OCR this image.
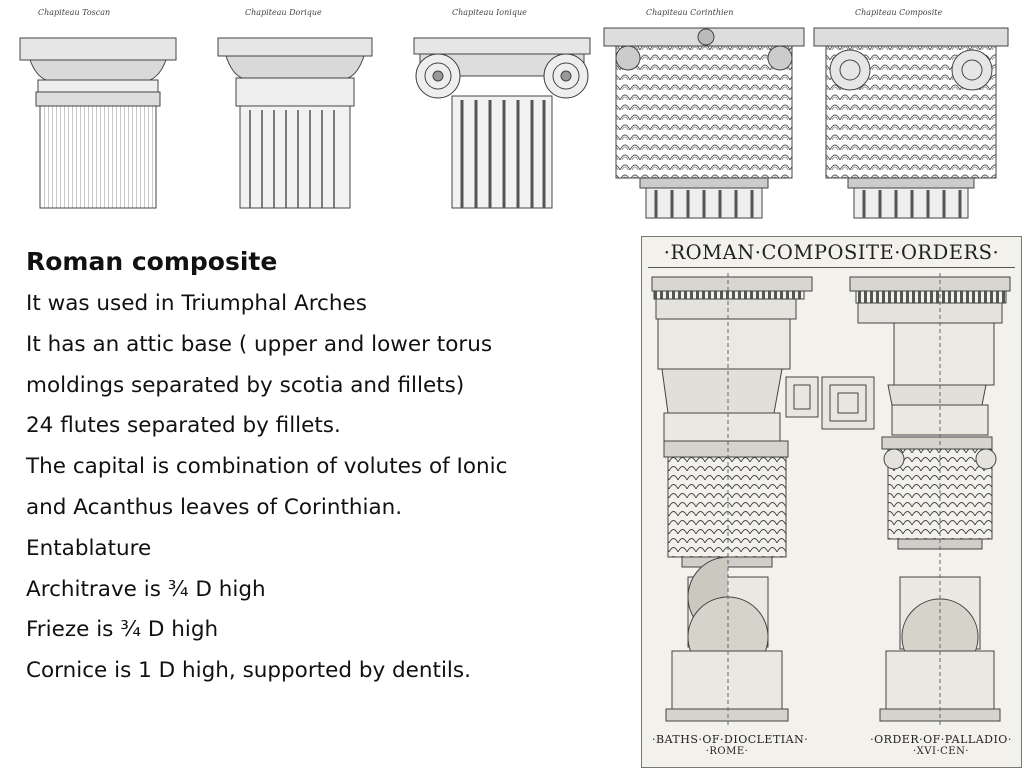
Chapiteau Toscan	Chapiteau Dorique	Chapiteau Ionique	Chapiteau Corinthien	Chapiteau Composite

Roman composite

It was used in Triumphal Arches

It has an attic base ( upper and lower torus

moldings separated by scotia and fillets)

24 flutes separated by fillets.

The capital is combination of volutes of Ionic

and Acanthus leaves of Corinthian.

Entablature

Architrave is ¾ D high

Frieze is ¾ D high

Cornice is 1 D high, supported by dentils.

·ROMAN·COMPOSITE·ORDERS·
·BATHS·OF·DIOCLETIAN·
·ROME·
·ORDER·OF·PALLADIO·
·XVI·CEN·
